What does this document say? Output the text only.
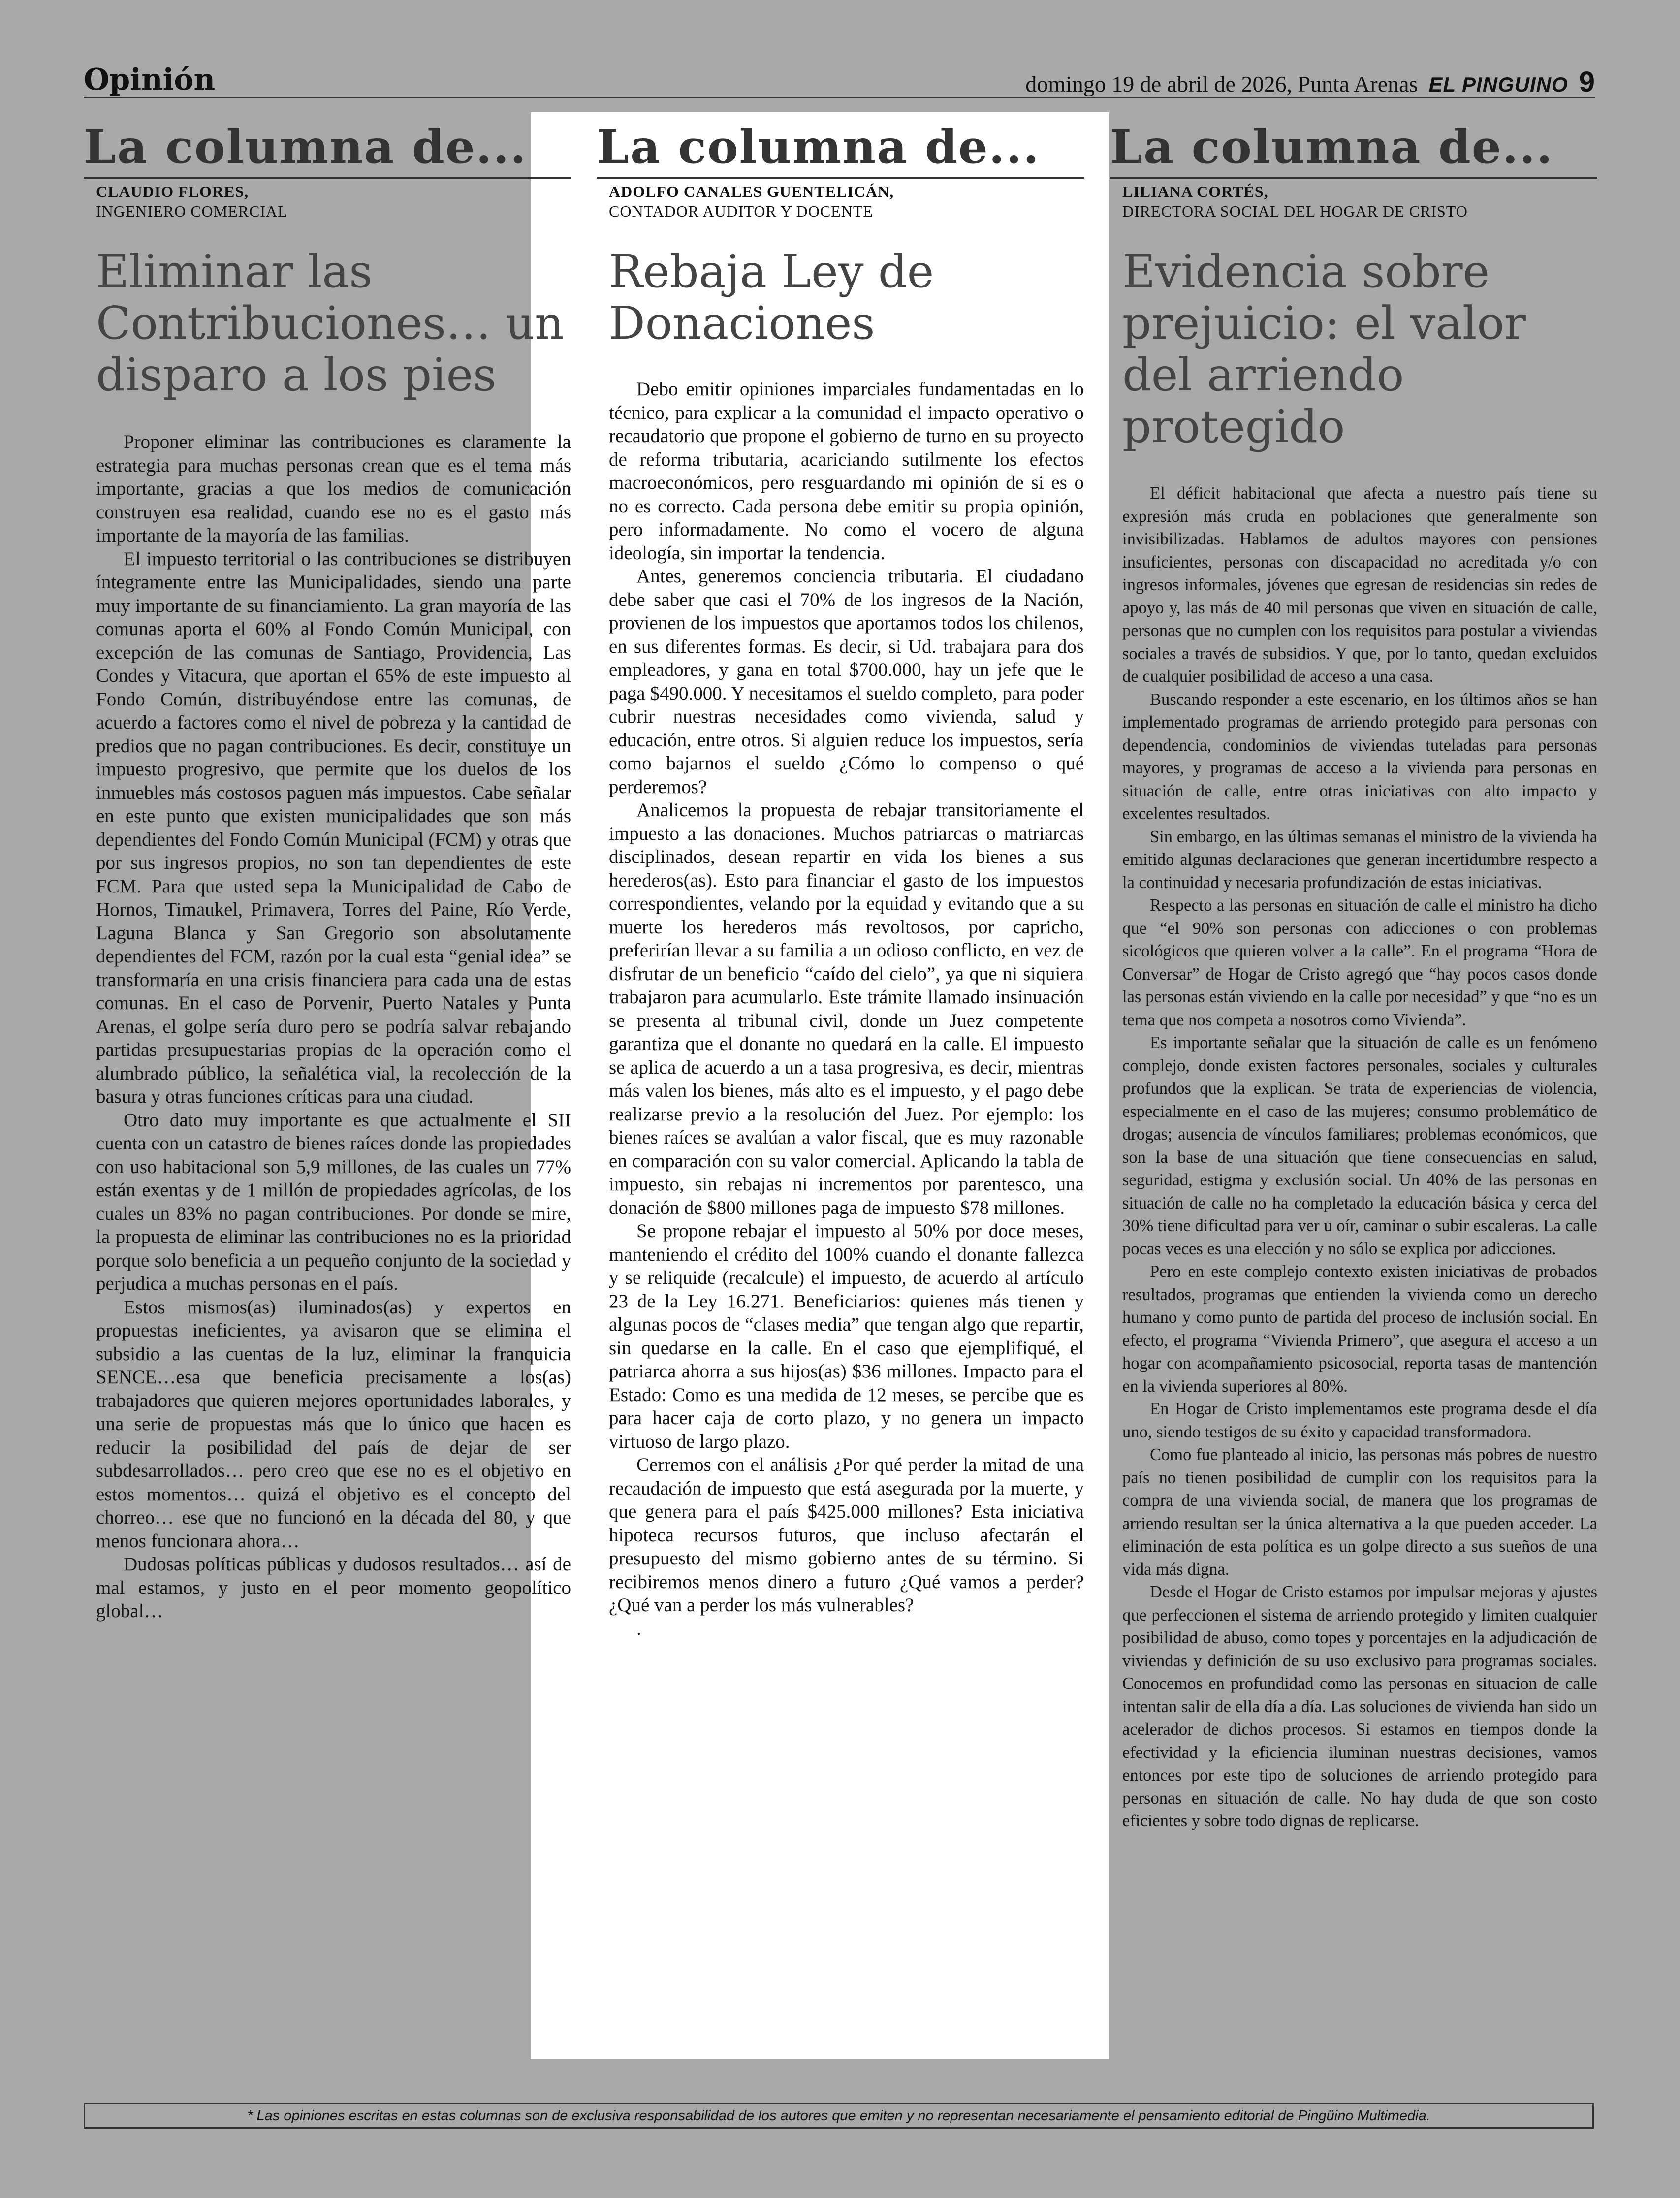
Opinión	domingo 19 de abril de 2026, Punta Arenas EL PINGUINO 9
La columna de...
CLAUDIO FLORES,
INGENIERO COMERCIAL
Eliminar las Contribuciones… un disparo a los pies

Proponer eliminar las contribuciones es claramente la estrategia para muchas personas crean que es el tema más importante, gracias a que los medios de comunicación construyen esa realidad, cuando ese no es el gasto más importante de la mayoría de las familias.

El impuesto territorial o las contribuciones se distribuyen íntegramente entre las Municipalidades, siendo una parte muy importante de su financiamiento. La gran mayoría de las comunas aporta el 60% al Fondo Común Municipal, con excepción de las comunas de Santiago, Providencia, Las Condes y Vitacura, que aportan el 65% de este impuesto al Fondo Común, distribuyéndose entre las comunas, de acuerdo a factores como el nivel de pobreza y la cantidad de predios que no pagan contribuciones. Es decir, constituye un impuesto progresivo, que permite que los duelos de los inmuebles más costosos paguen más impuestos. Cabe señalar en este punto que existen municipalidades que son más dependientes del Fondo Común Municipal (FCM) y otras que por sus ingresos propios, no son tan dependientes de este FCM. Para que usted sepa la Municipalidad de Cabo de Hornos, Timaukel, Primavera, Torres del Paine, Río Verde, Laguna Blanca y San Gregorio son absolutamente dependientes del FCM, razón por la cual esta “genial idea” se transformaría en una crisis financiera para cada una de estas comunas. En el caso de Porvenir, Puerto Natales y Punta Arenas, el golpe sería duro pero se podría salvar rebajando partidas presupuestarias propias de la operación como el alumbrado público, la señalética vial, la recolección de la basura y otras funciones críticas para una ciudad.

Otro dato muy importante es que actualmente el SII cuenta con un catastro de bienes raíces donde las propiedades con uso habitacional son 5,9 millones, de las cuales un 77% están exentas y de 1 millón de propiedades agrícolas, de los cuales un 83% no pagan contribuciones. Por donde se mire, la propuesta de eliminar las contribuciones no es la prioridad porque solo beneficia a un pequeño conjunto de la sociedad y perjudica a muchas personas en el país.

Estos mismos(as) iluminados(as) y expertos en propuestas ineficientes, ya avisaron que se elimina el subsidio a las cuentas de la luz, eliminar la franquicia SENCE…esa que beneficia precisamente a los(as) trabajadores que quieren mejores oportunidades laborales, y una serie de propuestas más que lo único que hacen es reducir la posibilidad del país de dejar de ser subdesarrollados… pero creo que ese no es el objetivo en estos momentos… quizá el objetivo es el concepto del chorreo… ese que no funcionó en la década del 80, y que menos funcionara ahora…

Dudosas políticas públicas y dudosos resultados… así de mal estamos, y justo en el peor momento geopolítico global…

La columna de...
ADOLFO CANALES GUENTELICÁN,
CONTADOR AUDITOR Y DOCENTE
Rebaja Ley de Donaciones

Debo emitir opiniones imparciales fundamentadas en lo técnico, para explicar a la comunidad el impacto operativo o recaudatorio que propone el gobierno de turno en su proyecto de reforma tributaria, acariciando sutilmente los efectos macroeconómicos, pero resguardando mi opinión de si es o no es correcto. Cada persona debe emitir su propia opinión, pero informadamente. No como el vocero de alguna ideología, sin importar la tendencia.

Antes, generemos conciencia tributaria. El ciudadano debe saber que casi el 70% de los ingresos de la Nación, provienen de los impuestos que aportamos todos los chilenos, en sus diferentes formas. Es decir, si Ud. trabajara para dos empleadores, y gana en total $700.000, hay un jefe que le paga $490.000. Y necesitamos el sueldo completo, para poder cubrir nuestras necesidades como vivienda, salud y educación, entre otros. Si alguien reduce los impuestos, sería como bajarnos el sueldo ¿Cómo lo compenso o qué perderemos?

Analicemos la propuesta de rebajar transitoriamente el impuesto a las donaciones. Muchos patriarcas o matriarcas disciplinados, desean repartir en vida los bienes a sus herederos(as). Esto para financiar el gasto de los impuestos correspondientes, velando por la equidad y evitando que a su muerte los herederos más revoltosos, por capricho, preferirían llevar a su familia a un odioso conflicto, en vez de disfrutar de un beneficio “caído del cielo”, ya que ni siquiera trabajaron para acumularlo. Este trámite llamado insinuación se presenta al tribunal civil, donde un Juez competente garantiza que el donante no quedará en la calle. El impuesto se aplica de acuerdo a un a tasa progresiva, es decir, mientras más valen los bienes, más alto es el impuesto, y el pago debe realizarse previo a la resolución del Juez. Por ejemplo: los bienes raíces se avalúan a valor fiscal, que es muy razonable en comparación con su valor comercial. Aplicando la tabla de impuesto, sin rebajas ni incrementos por parentesco, una donación de $800 millones paga de impuesto $78 millones.

Se propone rebajar el impuesto al 50% por doce meses, manteniendo el crédito del 100% cuando el donante fallezca y se reliquide (recalcule) el impuesto, de acuerdo al artículo 23 de la Ley 16.271. Beneficiarios: quienes más tienen y algunas pocos de “clases media” que tengan algo que repartir, sin quedarse en la calle. En el caso que ejemplifiqué, el patriarca ahorra a sus hijos(as) $36 millones. Impacto para el Estado: Como es una medida de 12 meses, se percibe que es para hacer caja de corto plazo, y no genera un impacto virtuoso de largo plazo.

Cerremos con el análisis ¿Por qué perder la mitad de una recaudación de impuesto que está asegurada por la muerte, y que genera para el país $425.000 millones? Esta iniciativa hipoteca recursos futuros, que incluso afectarán el presupuesto del mismo gobierno antes de su término. Si recibiremos menos dinero a futuro ¿Qué vamos a perder? ¿Qué van a perder los más vulnerables?

.
La columna de...
LILIANA CORTÉS,
DIRECTORA SOCIAL DEL HOGAR DE CRISTO
Evidencia sobre prejuicio: el valor del arriendo protegido

El déficit habitacional que afecta a nuestro país tiene su expresión más cruda en poblaciones que generalmente son invisibilizadas. Hablamos de adultos mayores con pensiones insuficientes, personas con discapacidad no acreditada y/o con ingresos informales, jóvenes que egresan de residencias sin redes de apoyo y, las más de 40 mil personas que viven en situación de calle, personas que no cumplen con los requisitos para postular a viviendas sociales a través de subsidios. Y que, por lo tanto, quedan excluidos de cualquier posibilidad de acceso a una casa.

Buscando responder a este escenario, en los últimos años se han implementado programas de arriendo protegido para personas con dependencia, condominios de viviendas tuteladas para personas mayores, y programas de acceso a la vivienda para personas en situación de calle, entre otras iniciativas con alto impacto y excelentes resultados.

Sin embargo, en las últimas semanas el ministro de la vivienda ha emitido algunas declaraciones que generan incertidumbre respecto a la continuidad y necesaria profundización de estas iniciativas.

Respecto a las personas en situación de calle el ministro ha dicho que “el 90% son personas con adicciones o con problemas sicológicos que quieren volver a la calle”. En el programa “Hora de Conversar” de Hogar de Cristo agregó que “hay pocos casos donde las personas están viviendo en la calle por necesidad” y que “no es un tema que nos competa a nosotros como Vivienda”.

Es importante señalar que la situación de calle es un fenómeno complejo, donde existen factores personales, sociales y culturales profundos que la explican. Se trata de experiencias de violencia, especialmente en el caso de las mujeres; consumo problemático de drogas; ausencia de vínculos familiares; problemas económicos, que son la base de una situación que tiene consecuencias en salud, seguridad, estigma y exclusión social. Un 40% de las personas en situación de calle no ha completado la educación básica y cerca del 30% tiene dificultad para ver u oír, caminar o subir escaleras. La calle pocas veces es una elección y no sólo se explica por adicciones.

Pero en este complejo contexto existen iniciativas de probados resultados, programas que entienden la vivienda como un derecho humano y como punto de partida del proceso de inclusión social. En efecto, el programa “Vivienda Primero”, que asegura el acceso a un hogar con acompañamiento psicosocial, reporta tasas de mantención en la vivienda superiores al 80%.

En Hogar de Cristo implementamos este programa desde el día uno, siendo testigos de su éxito y capacidad transformadora.

Como fue planteado al inicio, las personas más pobres de nuestro país no tienen posibilidad de cumplir con los requisitos para la compra de una vivienda social, de manera que los programas de arriendo resultan ser la única alternativa a la que pueden acceder. La eliminación de esta política es un golpe directo a sus sueños de una vida más digna.

Desde el Hogar de Cristo estamos por impulsar mejoras y ajustes que perfeccionen el sistema de arriendo protegido y limiten cualquier posibilidad de abuso, como topes y porcentajes en la adjudicación de viviendas y definición de su uso exclusivo para programas sociales. Conocemos en profundidad como las personas en situacion de calle intentan salir de ella día a día. Las soluciones de vivienda han sido un acelerador de dichos procesos. Si estamos en tiempos donde la efectividad y la eficiencia iluminan nuestras decisiones, vamos entonces por este tipo de soluciones de arriendo protegido para personas en situación de calle. No hay duda de que son costo eficientes y sobre todo dignas de replicarse.

* Las opiniones escritas en estas columnas son de exclusiva responsabilidad de los autores que emiten y no representan necesariamente el pensamiento editorial de Pingüino Multimedia.
